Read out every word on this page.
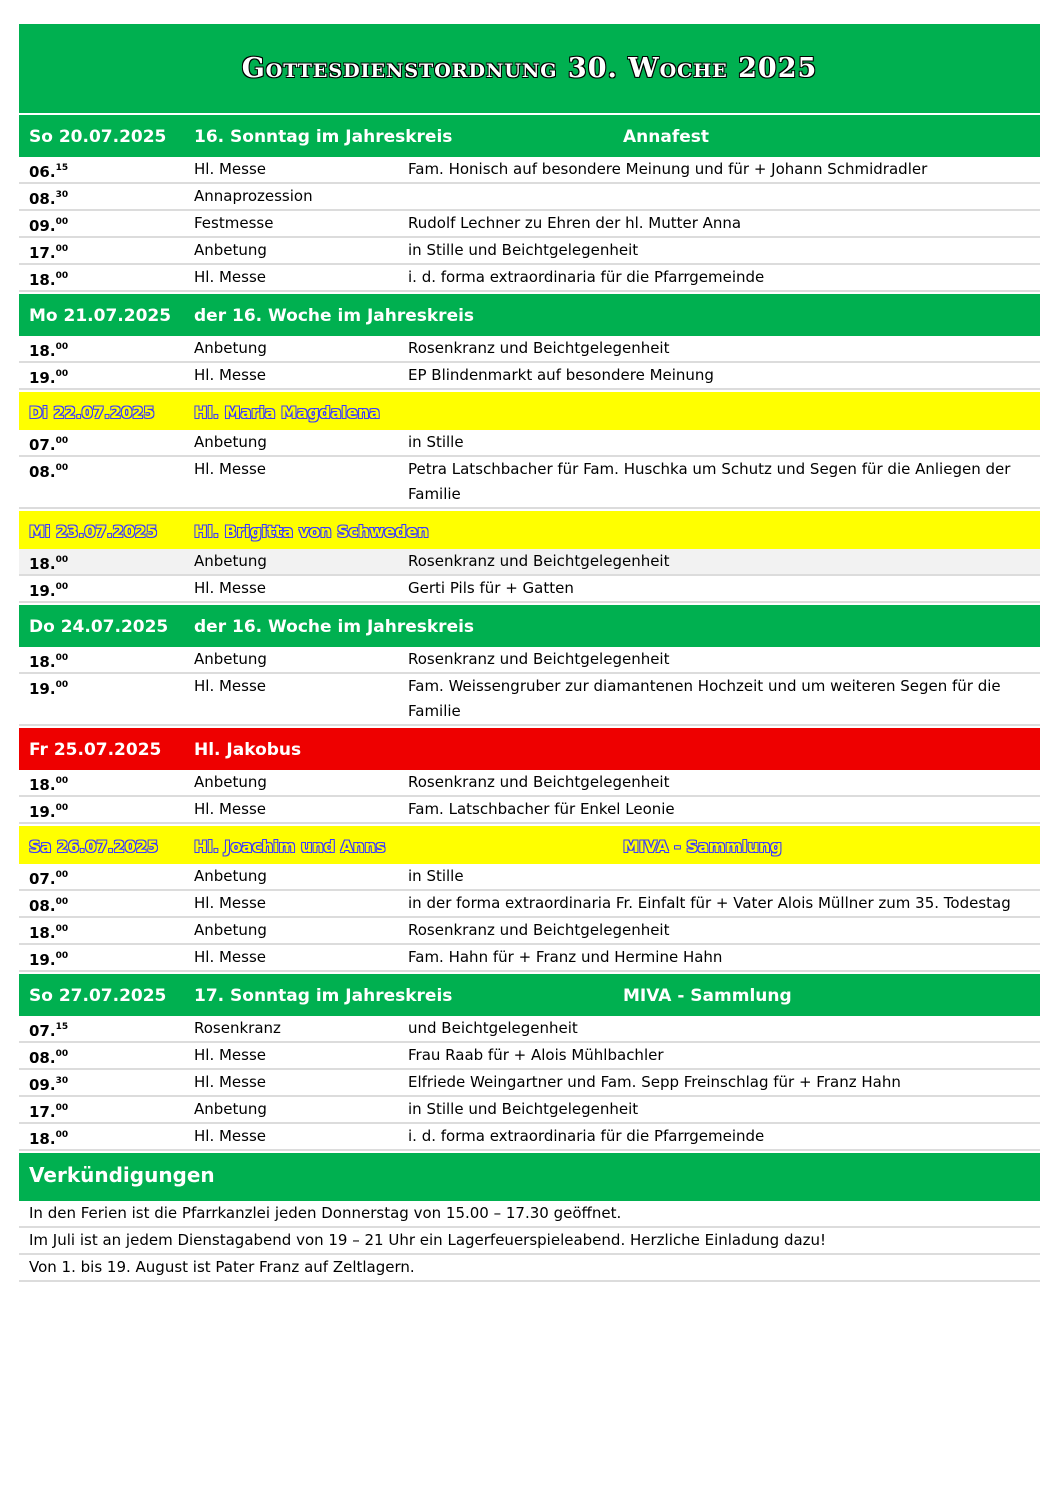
Gottesdienstordnung 30. Woche 2025
So 20.07.2025 16. Sonntag im Jahreskreis	Annafest
06.15	Hl. Messe	Fam. Honisch auf besondere Meinung und für + Johann Schmidradler
08.30	Annaprozession
09.00	Festmesse	Rudolf Lechner zu Ehren der hl. Mutter Anna
17.00	Anbetung	in Stille und Beichtgelegenheit
18.00	Hl. Messe	i. d. forma extraordinaria für die Pfarrgemeinde
Mo 21.07.2025 der 16. Woche im Jahreskreis
18.00	Anbetung	Rosenkranz und Beichtgelegenheit
19.00	Hl. Messe	EP Blindenmarkt auf besondere Meinung
Di 22.07.2025 Hl. Maria Magdalena
07.00	Anbetung	in Stille
08.00	Hl. Messe	Petra Latschbacher für Fam. Huschka um Schutz und Segen für die Anliegen der Familie
Mi 23.07.2025 Hl. Brigitta von Schweden
18.00	Anbetung	Rosenkranz und Beichtgelegenheit
19.00	Hl. Messe	Gerti Pils für + Gatten
Do 24.07.2025 der 16. Woche im Jahreskreis
18.00	Anbetung	Rosenkranz und Beichtgelegenheit
19.00	Hl. Messe	Fam. Weissengruber zur diamantenen Hochzeit und um weiteren Segen für die Familie
Fr 25.07.2025 Hl. Jakobus
18.00	Anbetung	Rosenkranz und Beichtgelegenheit
19.00	Hl. Messe	Fam. Latschbacher für Enkel Leonie
Sa 26.07.2025 Hl. Joachim und Anns	MIVA - Sammlung
07.00	Anbetung	in Stille
08.00	Hl. Messe	in der forma extraordinaria Fr. Einfalt für + Vater Alois Müllner zum 35. Todestag
18.00	Anbetung	Rosenkranz und Beichtgelegenheit
19.00	Hl. Messe	Fam. Hahn für + Franz und Hermine Hahn
So 27.07.2025 17. Sonntag im Jahreskreis	MIVA - Sammlung
07.15	Rosenkranz	und Beichtgelegenheit
08.00	Hl. Messe	Frau Raab für + Alois Mühlbachler
09.30	Hl. Messe	Elfriede Weingartner und Fam. Sepp Freinschlag für + Franz Hahn
17.00	Anbetung	in Stille und Beichtgelegenheit
18.00	Hl. Messe	i. d. forma extraordinaria für die Pfarrgemeinde
Verkündigungen
In den Ferien ist die Pfarrkanzlei jeden Donnerstag von 15.00 – 17.30 geöffnet.
Im Juli ist an jedem Dienstagabend von 19 – 21 Uhr ein Lagerfeuerspieleabend. Herzliche Einladung dazu!
Von 1. bis 19. August ist Pater Franz auf Zeltlagern.
